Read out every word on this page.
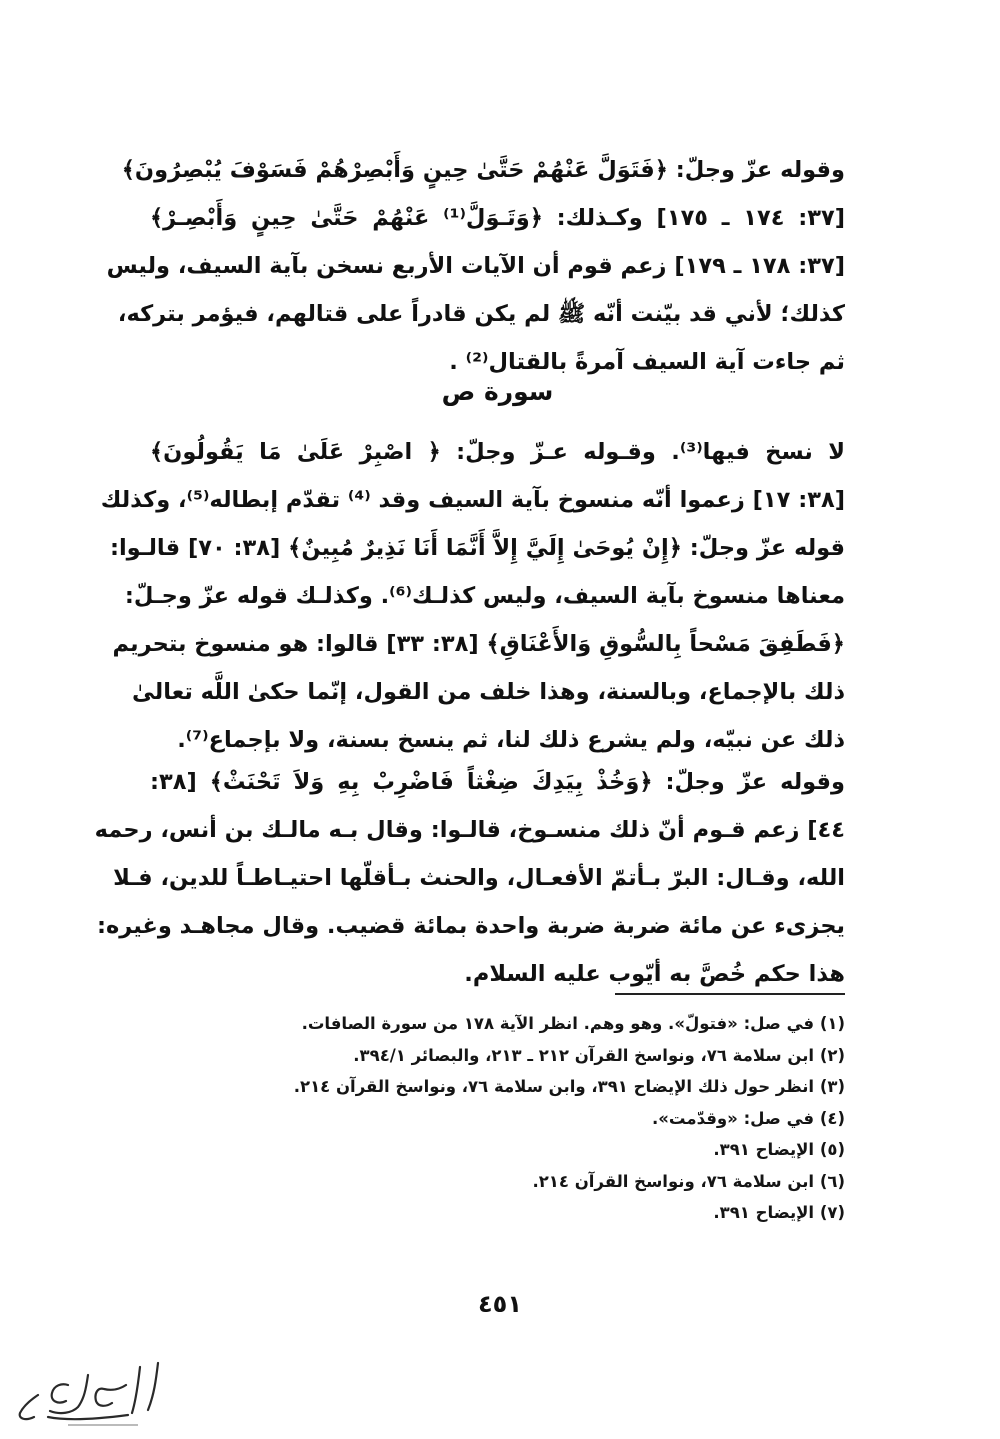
وقوله عزّ وجلّ: ﴿فَتَوَلَّ عَنْهُمْ حَتَّىٰ حِينٍ وَأَبْصِرْهُمْ فَسَوْفَ يُبْصِرُونَ﴾
[٣٧: ١٧٤ ـ ١٧٥] وكـذلك: ﴿وَتَـوَلَّ⁽¹⁾ عَنْهُمْ حَتَّىٰ حِينٍ وَأَبْصِـرْ﴾
[٣٧: ١٧٨ ـ ١٧٩] زعم قوم أن الآيات الأربع نسخن بآية السيف، وليس
كذلك؛ لأني قد بيّنت أنّه ﷺ لم يكن قادراً على قتالهم، فيؤمر بتركه،
ثم جاءت آية السيف آمرةً بالقتال⁽²⁾ .
سورة ص
لا نسخ فيها⁽³⁾. وقـوله عـزّ وجلّ: ﴿ اصْبِرْ عَلَىٰ مَا يَقُولُونَ﴾
[٣٨: ١٧] زعموا أنّه منسوخ بآية السيف وقد ⁽⁴⁾ تقدّم إبطاله⁽⁵⁾، وكذلك
قوله عزّ وجلّ: ﴿إِنْ يُوحَىٰ إِلَيَّ إِلاَّ أَنَّمَا أَنَا نَذِيرٌ مُبِينٌ﴾ [٣٨: ٧٠] قالـوا:
معناها منسوخ بآية السيف، وليس كذلـك⁽⁶⁾. وكذلـك قوله عزّ وجـلّ:
﴿فَطَفِقَ مَسْحاً بِالسُّوقِ وَالأَعْنَاقِ﴾ [٣٨: ٣٣] قالوا: هو منسوخ بتحريم
ذلك بالإجماع، وبالسنة، وهذا خلف من القول، إنّما حكىٰ اللَّه تعالىٰ
ذلك عن نبيّه، ولم يشرع ذلك لنا، ثم ينسخ بسنة، ولا بإجماع⁽⁷⁾.
وقوله عزّ وجلّ: ﴿وَخُذْ بِيَدِكَ ضِغْثاً فَاضْرِبْ بِهِ وَلاَ تَحْنَثْ﴾ [٣٨:
٤٤] زعم قـوم أنّ ذلك منسـوخ، قالـوا: وقال بـه مالـك بن أنس، رحمه
الله، وقـال: البرّ بـأتمّ الأفعـال، والحنث بـأقلّها احتيـاطـاً للدين، فـلا
يجزىء عن مائة ضربة ضربة واحدة بمائة قضيب. وقال مجاهـد وغيره:
هذا حكم خُصَّ به أيّوب عليه السلام.
(١) في صل: «فتولّ». وهو وهم. انظر الآية ١٧٨ من سورة الصافات.
(٢) ابن سلامة ٧٦، ونواسخ القرآن ٢١٢ ـ ٢١٣، والبصائر ٣٩٤/١.
(٣) انظر حول ذلك الإيضاح ٣٩١، وابن سلامة ٧٦، ونواسخ القرآن ٢١٤.
(٤) في صل: «وقدّمت».
(٥) الإيضاح ٣٩١.
(٦) ابن سلامة ٧٦، ونواسخ القرآن ٢١٤.
(٧) الإيضاح ٣٩١.
٤٥١
